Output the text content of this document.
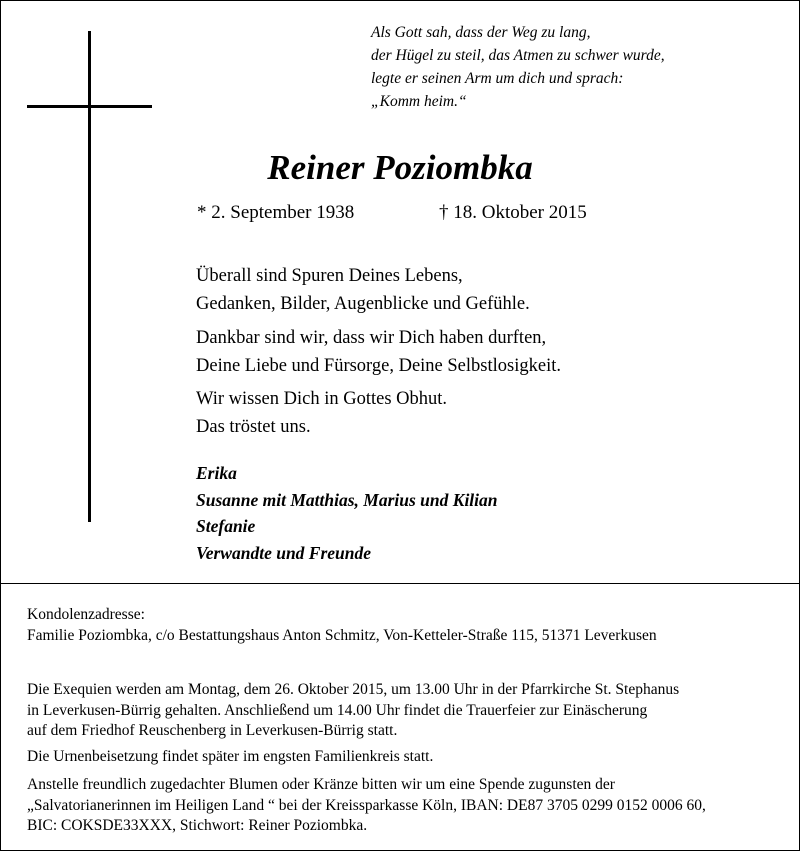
Als Gott sah, dass der Weg zu lang,
der Hügel zu steil, das Atmen zu schwer wurde,
legte er seinen Arm um dich und sprach:
„Komm heim.“
Reiner Poziombka
* 2. September 1938	† 18. Oktober 2015
Überall sind Spuren Deines Lebens,
Gedanken, Bilder, Augenblicke und Gefühle.
Dankbar sind wir, dass wir Dich haben durften,
Deine Liebe und Fürsorge, Deine Selbstlosigkeit.
Wir wissen Dich in Gottes Obhut.
Das tröstet uns.
Erika
Susanne mit Matthias, Marius und Kilian
Stefanie
Verwandte und Freunde
Kondolenzadresse:
Familie Poziombka, c/o Bestattungshaus Anton Schmitz, Von-Ketteler-Straße 115, 51371 Leverkusen
Die Exequien werden am Montag, dem 26. Oktober 2015, um 13.00 Uhr in der Pfarrkirche St. Stephanus
in Leverkusen-Bürrig gehalten. Anschließend um 14.00 Uhr findet die Trauerfeier zur Einäscherung
auf dem Friedhof Reuschenberg in Leverkusen-Bürrig statt.
Die Urnenbeisetzung findet später im engsten Familienkreis statt.
Anstelle freundlich zugedachter Blumen oder Kränze bitten wir um eine Spende zugunsten der
„Salvatorianerinnen im Heiligen Land “ bei der Kreissparkasse Köln, IBAN: DE87 3705 0299 0152 0006 60,
BIC: COKSDE33XXX, Stichwort: Reiner Poziombka.
